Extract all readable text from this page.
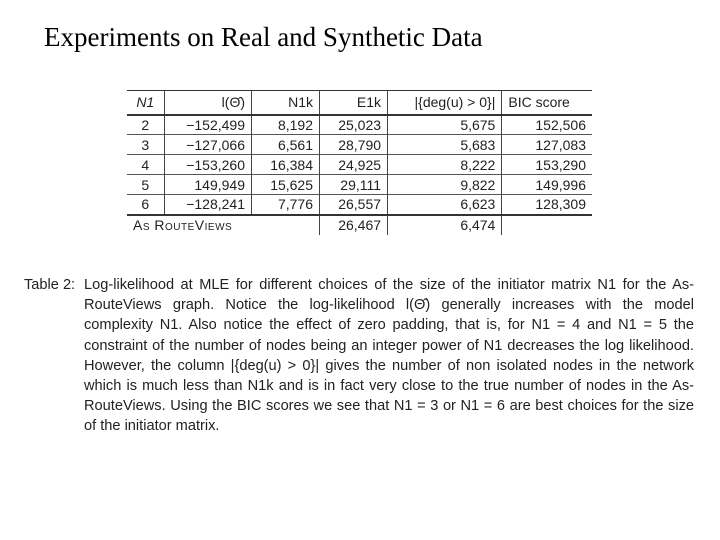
Experiments on Real and Synthetic Data
N1	l(Θ̂)	N1k	E1k	|{deg(u) > 0}|	BIC score
2	−152,499	8,192	25,023	5,675	152,506
3	−127,066	6,561	28,790	5,683	127,083
4	−153,260	16,384	24,925	8,222	153,290
5	149,949	15,625	29,111	9,822	149,996
6	−128,241	7,776	26,557	6,623	128,309
As RouteViews			26,467	6,474	
Table 2: Log-likelihood at MLE for different choices of the size of the initiator matrix N1 for the As-RouteViews graph. Notice the log-likelihood l(Θ̂) generally increases with the model complexity N1. Also notice the effect of zero padding, that is, for N1 = 4 and N1 = 5 the constraint of the number of nodes being an integer power of N1 decreases the log likelihood. However, the column |{deg(u) > 0}| gives the number of non isolated nodes in the network which is much less than N1k and is in fact very close to the true number of nodes in the As-RouteViews. Using the BIC scores we see that N1 = 3 or N1 = 6 are best choices for the size of the initiator matrix.
